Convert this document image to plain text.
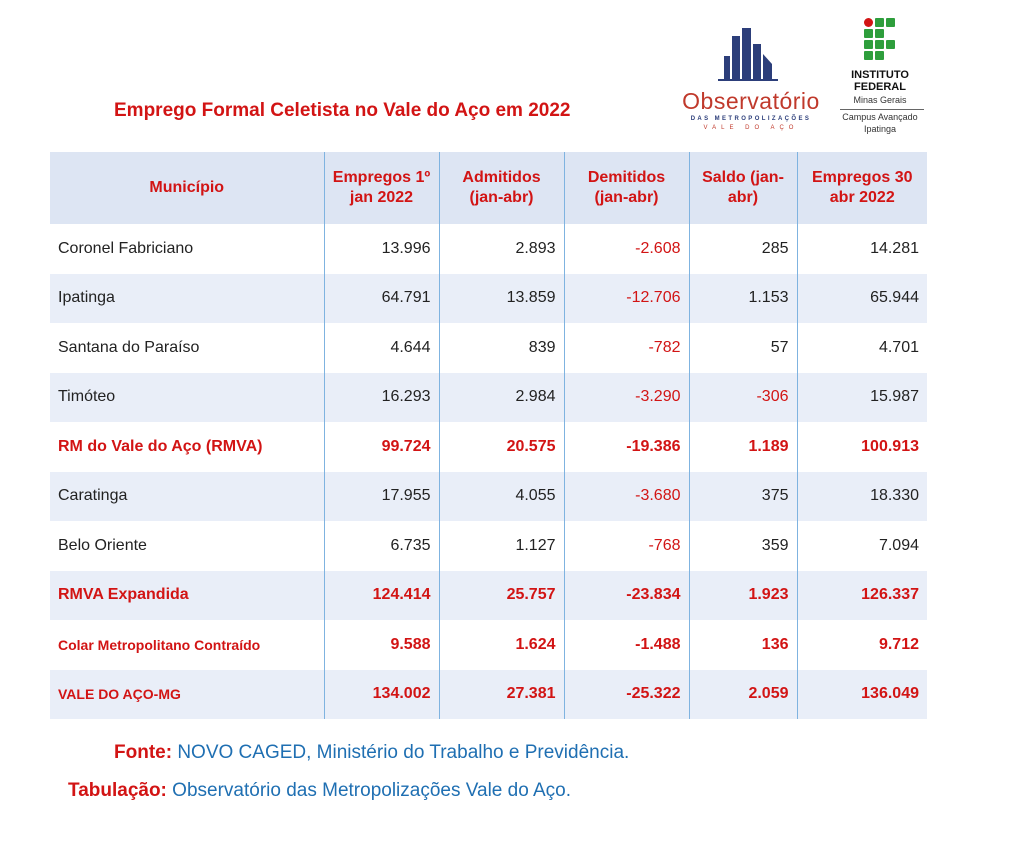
Emprego Formal Celetista no Vale do Aço em 2022	Observatório
DAS METROPOLIZAÇÕES
VALE DO AÇO
INSTITUTO
FEDERAL
Minas Gerais
Campus Avançado
Ipatinga
Município	Empregos 1º jan 2022	Admitidos (jan-abr)	Demitidos (jan-abr)	Saldo (jan-abr)	Empregos 30 abr 2022
Coronel Fabriciano	13.996	2.893	-2.608	285	14.281
Ipatinga	64.791	13.859	-12.706	1.153	65.944
Santana do Paraíso	4.644	839	-782	57	4.701
Timóteo	16.293	2.984	-3.290	-306	15.987
RM do Vale do Aço (RMVA)	99.724	20.575	-19.386	1.189	100.913
Caratinga	17.955	4.055	-3.680	375	18.330
Belo Oriente	6.735	1.127	-768	359	7.094
RMVA Expandida	124.414	25.757	-23.834	1.923	126.337
Colar Metropolitano Contraído	9.588	1.624	-1.488	136	9.712
VALE DO AÇO-MG	134.002	27.381	-25.322	2.059	136.049
Fonte: NOVO CAGED, Ministério do Trabalho e Previdência.
Tabulação: Observatório das Metropolizações Vale do Aço.
